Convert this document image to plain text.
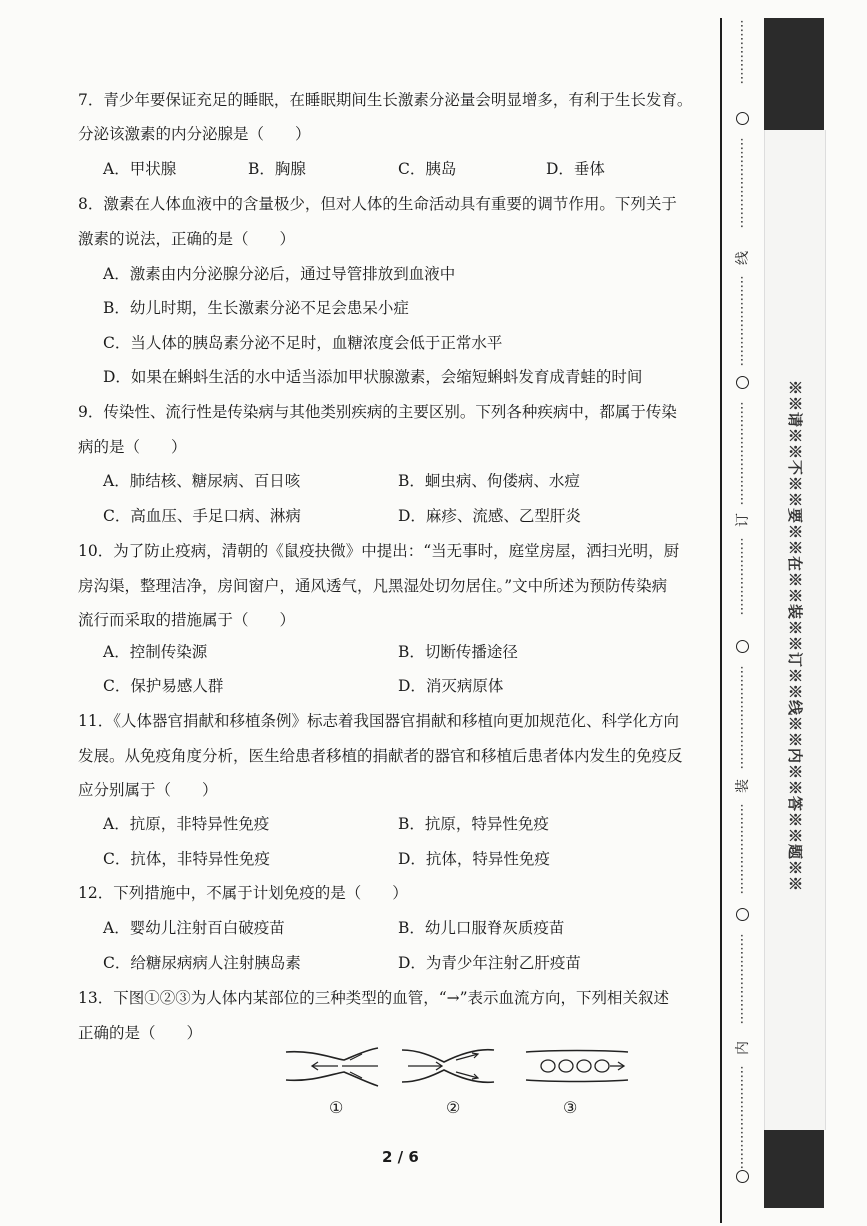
7．青少年要保证充足的睡眠，在睡眠期间生长激素分泌量会明显增多，有利于生长发育。
分泌该激素的内分泌腺是（　　）
A．甲状腺	B．胸腺	C．胰岛	D．垂体
8．激素在人体血液中的含量极少，但对人体的生命活动具有重要的调节作用。下列关于
激素的说法，正确的是（　　）
A．激素由内分泌腺分泌后，通过导管排放到血液中
B．幼儿时期，生长激素分泌不足会患呆小症
C．当人体的胰岛素分泌不足时，血糖浓度会低于正常水平
D．如果在蝌蚪生活的水中适当添加甲状腺激素，会缩短蝌蚪发育成青蛙的时间
9．传染性、流行性是传染病与其他类别疾病的主要区别。下列各种疾病中，都属于传染
病的是（　　）
A．肺结核、糖尿病、百日咳	B．蛔虫病、佝偻病、水痘
C．高血压、手足口病、淋病	D．麻疹、流感、乙型肝炎
10．为了防止疫病，清朝的《鼠疫抉微》中提出：“当无事时，庭堂房屋，洒扫光明，厨
房沟渠，整理洁净，房间窗户，通风透气，凡黑湿处切勿居住。”文中所述为预防传染病
流行而采取的措施属于（　　）
A．控制传染源	B．切断传播途径
C．保护易感人群	D．消灭病原体
11．《人体器官捐献和移植条例》标志着我国器官捐献和移植向更加规范化、科学化方向
发展。从免疫角度分析，医生给患者移植的捐献者的器官和移植后患者体内发生的免疫反
应分别属于（　　）
A．抗原，非特异性免疫	B．抗原，特异性免疫
C．抗体，非特异性免疫	D．抗体，特异性免疫
12．下列措施中，不属于计划免疫的是（　　）
A．婴幼儿注射百白破疫苗	B．幼儿口服脊灰质疫苗
C．给糖尿病病人注射胰岛素	D．为青少年注射乙肝疫苗
13．下图①②③为人体内某部位的三种类型的血管，“→”表示血流方向，下列相关叙述
正确的是（　　）
①	②	③
2 / 6
⋮
⋮
⋮
⋮
⋮
⋮
⋮
⋮
⋮
⋮
⋮
⋮
线
⋮
⋮
⋮
⋮
⋮
⋮
⋮
⋮
⋮
⋮
⋮
⋮
⋮
⋮
⋮
订
⋮
⋮
⋮
⋮
⋮
⋮
⋮
⋮
⋮
⋮
⋮
⋮
⋮
⋮
装
⋮
⋮
⋮
⋮
⋮
⋮
⋮
⋮
⋮
⋮
⋮
⋮
⋮
⋮
内
⋮
⋮
⋮
⋮
⋮
⋮
⋮
⋮
※※请※※不※※要※※在※※装※※订※※线※※内※※答※※题※※
